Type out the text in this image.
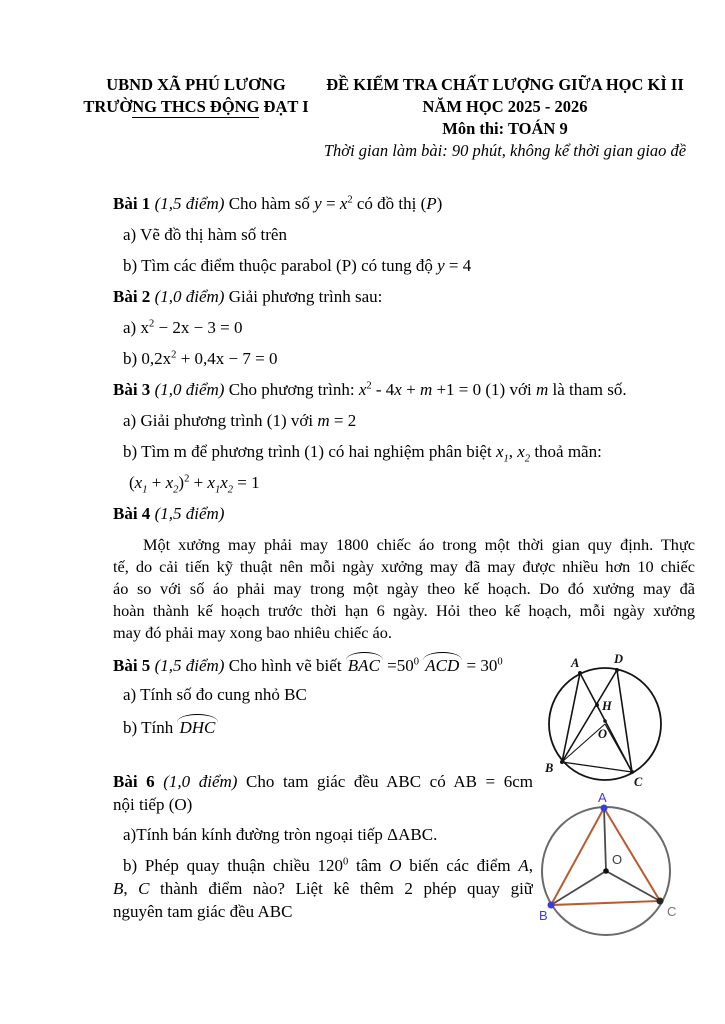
UBND XÃ PHÚ LƯƠNG
TRƯỜNG THCS ĐỘNG ĐẠT I
ĐỀ KIỂM TRA CHẤT LƯỢNG GIỮA HỌC KÌ II
NĂM HỌC 2025 - 2026
Môn thi: TOÁN 9
Thời gian làm bài: 90 phút, không kể thời gian giao đề
Bài 1 (1,5 điểm) Cho hàm số $y = x^2$ có đồ thị (P)
a) Vẽ đồ thị hàm số trên
b) Tìm các điểm thuộc parabol (P) có tung độ y = 4
Bài 2 (1,0 điểm) Giải phương trình sau:
a) $x^2 - 2x - 3 = 0$
b) $0,2x^2 + 0,4x - 7 = 0$
Bài 3 (1,0 điểm) Cho phương trình: $x^2 - 4x + m +1 = 0$ (1) với m là tham số.
a) Giải phương trình (1) với m = 2
b) Tìm m để phương trình (1) có hai nghiệm phân biệt $x_1$, $x_2$ thoả mãn:
$(x_1 + x_2)^2 + x_1x_2 = 1$
Bài 4 (1,5 điểm)
Một xưởng may phải may 1800 chiếc áo trong một thời gian quy định. Thực
tế, do cải tiến kỹ thuật nên mỗi ngày xưởng may đã may được nhiều hơn 10 chiếc
áo so với số áo phải may trong một ngày theo kế hoạch. Do đó xưởng may đã
hoàn thành kế hoạch trước thời hạn 6 ngày. Hỏi theo kế hoạch, mỗi ngày xưởng
may đó phải may xong bao nhiêu chiếc áo.
Bài 5 (1,5 điểm) Cho hình vẽ biết BAC $=50^0$ ACD = $30^0$
a) Tính số đo cung nhỏ BC
b) Tính DHC
Bài 6 (1,0 điểm) Cho tam giác đều ABC có AB = 6cm
nội tiếp (O)
a)Tính bán kính đường tròn ngoại tiếp ΔABC.
b) Phép quay thuận chiều $120^0$ tâm O biến các điểm A,
B, C thành điểm nào? Liệt kê thêm 2 phép quay giữ
nguyên tam giác đều ABC
A	D
H
O
B
C
A
B	C
O
